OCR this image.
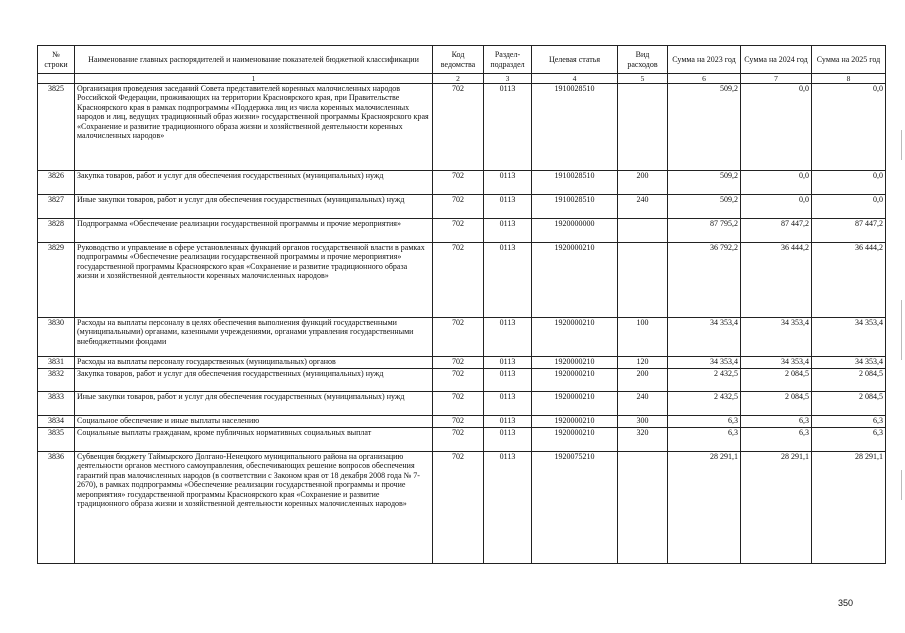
№ строки	Наименование главных распорядителей и наименование показателей бюджетной классификации	Код ведомства	Раздел-подраздел	Целевая статья	Вид расходов	Сумма на 2023 год	Сумма на 2024 год	Сумма на 2025 год
	1	2	3	4	5	6	7	8
3825	Организация проведения заседаний Совета представителей коренных малочисленных народов Российской Федерации, проживающих на территории Красноярского края, при Правительстве Красноярского края в рамках подпрограммы «Поддержка лиц из числа коренных малочисленных народов и лиц, ведущих традиционный образ жизни» государственной программы Красноярского края «Сохранение и развитие традиционного образа жизни и хозяйственной деятельности коренных малочисленных народов»	702	0113	1910028510		509,2	0,0	0,0
3826	Закупка товаров, работ и услуг для обеспечения государственных (муниципальных) нужд	702	0113	1910028510	200	509,2	0,0	0,0
3827	Иные закупки товаров, работ и услуг для обеспечения государственных (муниципальных) нужд	702	0113	1910028510	240	509,2	0,0	0,0
3828	Подпрограмма «Обеспечение реализации государственной программы и прочие мероприятия»	702	0113	1920000000		87 795,2	87 447,2	87 447,2
3829	Руководство и управление в сфере установленных функций органов государственной власти в рамках подпрограммы «Обеспечение реализации государственной программы и прочие мероприятия» государственной программы Красноярского края «Сохранение и развитие традиционного образа жизни и хозяйственной деятельности коренных малочисленных народов»	702	0113	1920000210		36 792,2	36 444,2	36 444,2
3830	Расходы на выплаты персоналу в целях обеспечения выполнения функций государственными (муниципальными) органами, казенными учреждениями, органами управления государственными внебюджетными фондами	702	0113	1920000210	100	34 353,4	34 353,4	34 353,4
3831	Расходы на выплаты персоналу государственных (муниципальных) органов	702	0113	1920000210	120	34 353,4	34 353,4	34 353,4
3832	Закупка товаров, работ и услуг для обеспечения государственных (муниципальных) нужд	702	0113	1920000210	200	2 432,5	2 084,5	2 084,5
3833	Иные закупки товаров, работ и услуг для обеспечения государственных (муниципальных) нужд	702	0113	1920000210	240	2 432,5	2 084,5	2 084,5
3834	Социальное обеспечение и иные выплаты населению	702	0113	1920000210	300	6,3	6,3	6,3
3835	Социальные выплаты гражданам, кроме публичных нормативных социальных выплат	702	0113	1920000210	320	6,3	6,3	6,3
3836	Субвенция бюджету Таймырского Долгано-Ненецкого муниципального района на организацию деятельности органов местного самоуправления, обеспечивающих решение вопросов обеспечения гарантий прав малочисленных народов (в соответствии с Законом края от 18 декабря 2008 года № 7-2670), в рамках подпрограммы «Обеспечение реализации государственной программы и прочие мероприятия» государственной программы Красноярского края «Сохранение и развитие традиционного образа жизни и хозяйственной деятельности коренных малочисленных народов»	702	0113	1920075210		28 291,1	28 291,1	28 291,1
350
